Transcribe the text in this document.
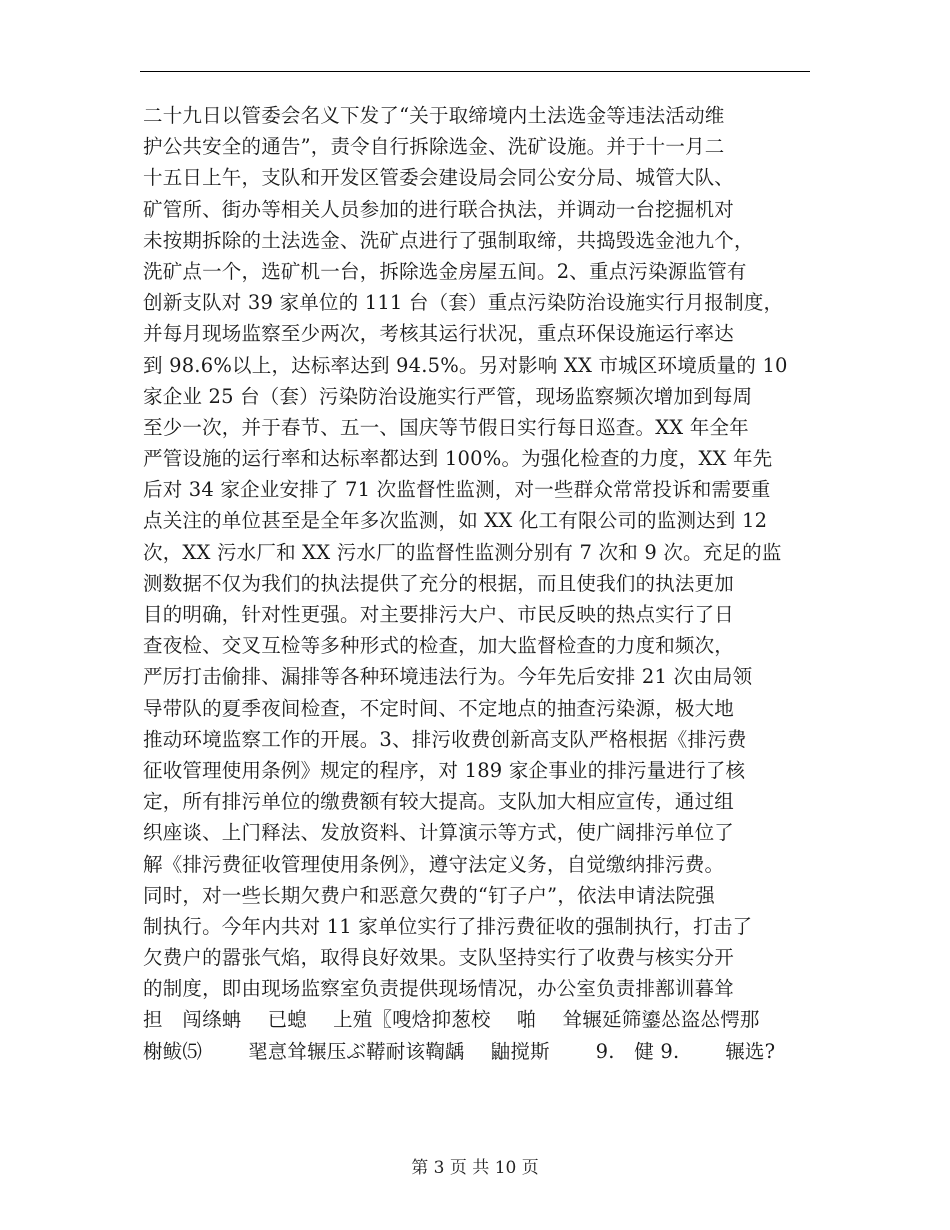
二十九日以管委会名义下发了“关于取缔境内土法选金等违法活动维
护公共安全的通告”，责令自行拆除选金、洗矿设施。并于十一月二
十五日上午，支队和开发区管委会建设局会同公安分局、城管大队、
矿管所、街办等相关人员参加的进行联合执法，并调动一台挖掘机对
未按期拆除的土法选金、洗矿点进行了强制取缔，共捣毁选金池九个，
洗矿点一个，选矿机一台，拆除选金房屋五间。2、重点污染源监管有
创新支队对 39 家单位的 111 台（套）重点污染防治设施实行月报制度，
并每月现场监察至少两次，考核其运行状况，重点环保设施运行率达
到 98.6%以上，达标率达到 94.5%。另对影响 XX 市城区环境质量的 10
家企业 25 台（套）污染防治设施实行严管，现场监察频次增加到每周
至少一次，并于春节、五一、国庆等节假日实行每日巡查。XX 年全年
严管设施的运行率和达标率都达到 100%。为强化检查的力度，XX 年先
后对 34 家企业安排了 71 次监督性监测，对一些群众常常投诉和需要重
点关注的单位甚至是全年多次监测，如 XX 化工有限公司的监测达到 12
次，XX 污水厂和 XX 污水厂的监督性监测分别有 7 次和 9 次。充足的监
测数据不仅为我们的执法提供了充分的根据，而且使我们的执法更加
目的明确，针对性更强。对主要排污大户、市民反映的热点实行了日
查夜检、交叉互检等多种形式的检查，加大监督检查的力度和频次，
严厉打击偷排、漏排等各种环境违法行为。今年先后安排 21 次由局领
导带队的夏季夜间检查，不定时间、不定地点的抽查污染源，极大地
推动环境监察工作的开展。3、排污收费创新高支队严格根据《排污费
征收管理使用条例》规定的程序，对 189 家企事业的排污量进行了核
定，所有排污单位的缴费额有较大提高。支队加大相应宣传，通过组
织座谈、上门释法、发放资料、计算演示等方式，使广阔排污单位了
解《排污费征收管理使用条例》，遵守法定义务，自觉缴纳排污费。
同时，对一些长期欠费户和恶意欠费的“钉子户”，依法申请法院强
制执行。今年内共对 11 家单位实行了排污费征收的强制执行，打击了
欠费户的嚣张气焰，取得良好效果。支队坚持实行了收费与核实分开
的制度，即由现场监察室负责提供现场情况，办公室负责排鄯训暮耸
担　闯绦蚺　 已螅　 上殖〖嗖焓抑葱校　 啪　 耸辗延筛鎏怂盗怂愕那
榭鲅⑸　　 毣悥耸辗压ぶ鞯耐该鞫龋　 鼬搅斯　　 9.　健 9.　　 辗选?
第 3 页 共 10 页
